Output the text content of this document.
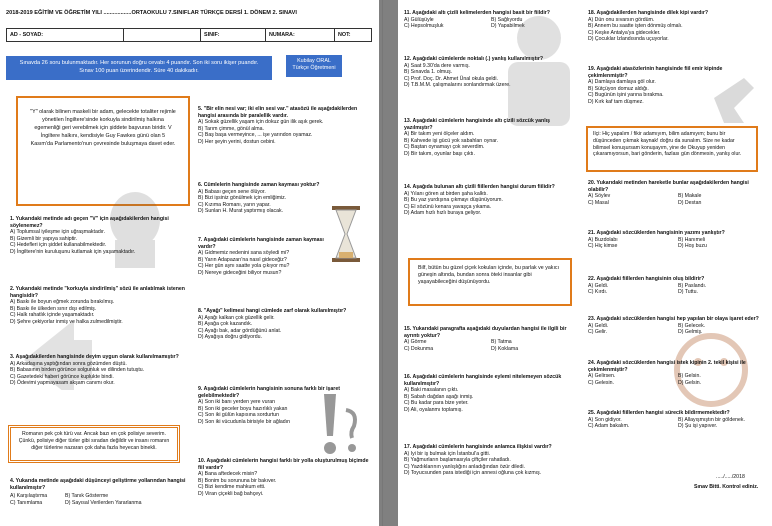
2018-2019 EĞİTİM VE ÖĞRETİM YILI ..................ORTAOKULU 7.SINIFLAR TÜRKÇE DERSİ 1. DÖNEM 2. SINAVI
AD - SOYAD:	SINIF:	NUMARA:	NOT:
Sınavda 26 soru bulunmaktadır. Her sorunun doğru cevabı 4 puandır. Son iki soru ikişer puandır. Sınav 100 puan üzerindendir. Süre 40 dakikadır.
Kubilay ORAL
Türkçe Öğretmeni
"Y" olarak bilinen maskeli bir adam, gelecekte totaliter rejimle yönetilen İngiltere'sinde korkuyla sindirilmiş halkına egemenliği geri verebilmek için şiddete başvuran biridir. V İngiltere halkını, kendisiyle Guy Fawkes günü olan 5 Kasım'da Parlamento'nun çevresinde buluşmaya davet eder.
1. Yukarıdaki metinde adı geçen "V" için aşağıdakilerden hangisi söylenemez?
A) Toplumsal iyileşme için uğraşmaktadır.
B) Gizemli bir yapıya sahiptir.
C) Hedefleri için şiddet kullanabilmektedir.
D) İngiltere'nin kuruluşunu kutlamak için yaşamaktadır.
2. Yukarıdaki metinde "korkuyla sindirilmiş" sözü ile anlatılmak istenen hangisidir?
A) Baskı ile boyun eğmek zorunda bırakılmış.
B) Baskı ile ülkeden sınır dışı edilmiş.
C) Halk rahatlık içinde yaşamaktadır.
D) Şehre çekiyorlar inmiş ve halka zulmedilmiştir.
3. Aşağıdakilerden hangisinde deyim uygun olarak kullanılmamıştır?
A) Arkadaşına yaptığından sonra gözümden düştü.
B) Babasının birden görünce solgunluk ve dilinden tutuştu.
C) Gazetedeki haberi görünce kuplukte bindi.
D) Ödevimi yapmayasam akşam canımı okur.
Romanın pek çok türü var. Ancak bazı en çok polisiye severim. Çünkü, polisiye diğer türler gibi sıradan değildir ve insanı romanın diğer türlerine nazaran çok daha fazla heyecan binekli.
4. Yukarıda metinde aşağıdaki düşünceyi geliştirme yollarından hangisi kullanılmıştır?
A) Karşılaştırma	B) Tanık Gösterme
C) Tanımlama	D) Sayısal Verilerden Yararlanma
5. "Bir elin nesi var; iki elin sesi var." atasözü ile aşağıdakilerden hangisi arasında bir paralellik vardır.
A) Sokak güzellik yaşam için dokuz gün ilik aşık gerek.
B) Tarım çimme, gönül alma.
C) Baş başa vermeyince, ... işe yarındon oyamaz.
D) Her şeyin yerini, dostun cebini.
6. Cümlelerin hangisinde zaman kayması yoktur?
A) Babası geçen sene ölüyor.
B) Bizi işsiniz gönülmek için emliğimiz.
C) Kızıma Romanı, yarın yapar.
D) Sunlan H. Murat yaptırmış olacak.
7. Aşağıdaki cümlelerin hangisinde zaman kayması vardır?
A) Gidmemiz nedenini sana söyledi mi?
B) Yarın Adapazarı'na nasıl gideceğiz?
C) Her gün aynı saatte yola çıkıyor mu?
D) Nereye gideceğini biliyor musun?
8. "Ayağı" kelimesi hangi cümlede zarf olarak kullanılmıştır?
A) Ayağı kalkan çok güzellik gelir.
B) Ayağa çok kazandık.
C) Ayağı bak, adar gördüğünü anlat.
D) Ayağıya doğru gidiyordu.
9. Aşağıdaki cümlelerin hangisinin sonuna farklı bir işaret gelebilmektedir?
A) Son iki banı yerden yere vuran
B) Son iki geceler boyu hazırlıklı yakan
C) Son iki gülün kapısına sordurtun
D) Son iki vücudunla birisiyle bir ağladın
10. Aşağıdaki cümlelerin hangisi farklı bir yolla oluşturulmuş biçimde fiil vardır?
A) Bana aftedecek misin?
B) Bonim bu sorununa bir bakıver.
C) Bizi kendime mahkum etti.
D) Viran çiçekli bağ bahçeyi.
11. Aşağıdaki altı çizili kelimelerden hangisi basit bir fiildir?
A) Gülüşüyle	B) Sağlıyordu
C) Hepsolmuşluk	D) Yapabilmek
12. Aşağıdaki cümlelerde noktalı (.) yanlış kullanılmıştır?
A) Saat 9.30'da dere varmış.
B) Sınavda 1. olmuş.
C) Prof. Doç. Dr. Ahmet Ünal okula geldi.
D) T.B.M.M. çalışmalarını sonlandırmak üzere.
13. Aşağıdaki cümlelerin hangisinde altı çizili sözcük yanlış yazılmıştır?
A) Bir takım yeni ölçeler aldım.
B) Kahvede işi gücü yok sabahları oynar.
C) Baştan oynamayı çok severdim.
D) Bir takım, oyunlar başı çıktı.
14. Aşağıda bulunan altı çizili fiillerden hangisi durum fiilidir?
A) Yılanı gören at birden şaha kalktı.
B) Bu yaz yurdışına çıkmayı düşünüyorum.
C) El sözünü kenara yavaşça yıkama.
D) Adam hızlı hızlı buraya geliyor.
Bilf, bütün bu güzel çiçek kokuları içinde, bu parlak ve yakıcı güneşin altında, bundan sonra öteki insanlar gibi yaşayabileceğini düşünüyordu.
15. Yukarıdaki paragrafta aşağıdaki duyulardan hangisi ile ilgili bir ayrıntı yoktur?
A) Görme	B) Tatma
C) Dokunma	D) Koklama
16. Aşağıdaki cümlelerin hangisinde eylemi nitelemeyen sözcük kullanılmıştır?
A) Baki masalanın çıktı.
B) Sabah dağdan aşağı inmiş.
C) Bu kadar para bize yeter.
D) Ali, oyalanmı toplamış.
17. Aşağıdaki cümlelerin hangisinde anlamca ilişkisi vardır?
A) Iyi bir iş bulmak için İstanbul'a gitti.
B) Yağmurların başlamasıyla çiftçiler rahatladı.
C) Yazdıklarının yanlışlığını anladığından özür diledi.
D) Toyucsunden para istediği için annesi oğluna çok kızmış.
18. Aşağıdakilerden hangisinde dilek kipi vardır?
A) Dün onu sıvarsın gördüm.
B) Annem bu saatte işten dönmüş olmalı.
C) Keşke Antalya'ya gidecekler.
D) Çocuklar Izlandısında uçuyorlar.
19. Aşağıdaki atasözlerinin hangisinde fiil emir kipinde çekimlenmiştir?
A) Damlaya damlaya göl olur.
B) Sütçüyon domuz aldığı.
C) Bugünün işini yarına bırakma.
D) Kırk kaf tam düşmez.
Ilçi: Hiç yapalım / fikir adamıyım, bilim adamıyım; bunu bir düşünceden çıkmak kaynak! doğru da sunalım. Size ne kadar bilimsel konuşursam konuşayım, yine de Okuyup yeniden çıkaramıyorsun, bari gönderin, fazlası gün dönmesin, yanlış olur.
20. Yukarıdaki metinden hareketle bunlar aşağıdakilerden hangisi olabilir?
A) Söylev	B) Makale
C) Masal	D) Destan
21. Aşağıdaki sözcüklerden hangisinin yazımı yanlıştır?
A) Buzdolabı	B) Hanımeli
C) Hiç kimse	D) Hoş buzu
22. Aşağıdaki fiillerden hangisinin oluş bildirir?
A) Geldi.	B) Paslandı.
C) Kırdı.	D) Tuttu.
23. Aşağıdaki sözcüklerden hangisi hep yapılan bir olaya işaret eder?
A) Geldi.	B) Gelecek.
C) Gelir.	D) Gelmiş.
24. Aşağıdaki sözcüklerden hangisi istek kipinin 2. tekil kişisi ile çekimlenmiştir?
A) Gelirsen.	B) Gelsin.
C) Gelesin.	D) Gelsin.
25. Aşağıdaki fiillerden hangisi sürecik bildirmemektedir?
A) Son gidiyor.	B) Allayışmıştın bir göldenek.
C) Adam bakalım.	D) Şu işi yapıver.
...../...../2018
Sınav Bitti. Kontrol ediniz.
